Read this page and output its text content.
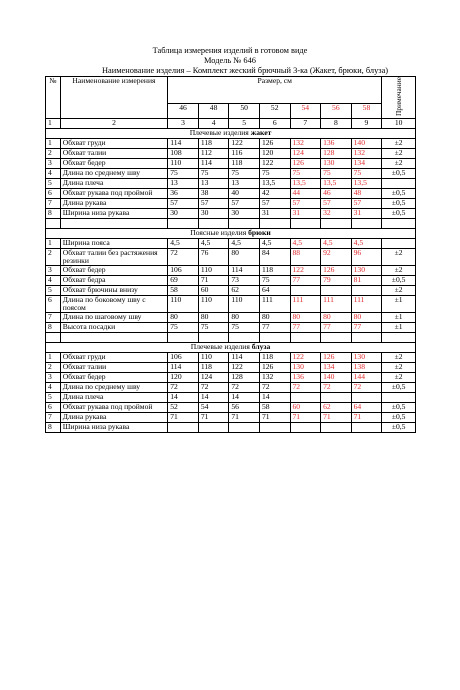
Таблица измерения изделий в готовом виде
Модель № 646
Наименование изделия – Комплект жеский брючный 3-ка (Жакет, брюки, блуза)
№	Наименование измерения	Размер, см							Примечание
		46	48	50	52	54	56	58	
1	2	3	4	5	6	7	8	9	10
Плечевые изделия жакет									
1	Обхват груди	114	118	122	126	132	136	140	±2
2	Обхват талии	108	112	116	120	124	128	132	±2
3	Обхват бедер	110	114	118	122	126	130	134	±2
4	Длина по среднему шву	75	75	75	75	75	75	75	±0,5
5	Длина плеча	13	13	13	13,5	13,5	13,5	13,5	
6	Обхват рукава под проймой	36	38	40	42	44	46	48	±0,5
7	Длина рукава	57	57	57	57	57	57	57	±0,5
8	Ширина низа рукава	30	30	30	31	31	32	31	±0,5

Поясные изделия брюки									
1	Ширина пояса	4,5	4,5	4,5	4,5	4,5	4,5	4,5	
2	Обхват талии без растяжения резинки	72	76	80	84	88	92	96	±2
3	Обхват бедер	106	110	114	118	122	126	130	±2
4	Обхват бедра	69	71	73	75	77	79	81	±0,5
5	Обхват брючины внизу	58	60	62	64				±2
6	Длина по боковому шву с поясом	110	110	110	111	111	111	111	±1
7	Длина по шаговому шву	80	80	80	80	80	80	80	±1
8	Высота посадки	75	75	75	77	77	77	77	±1

Плечевые изделия блуза									
1	Обхват груди	106	110	114	118	122	126	130	±2
2	Обхват талии	114	118	122	126	130	134	138	±2
3	Обхват бедер	120	124	128	132	136	140	144	±2
4	Длина по среднему шву	72	72	72	72	72	72	72	±0,5
5	Длина плеча	14	14	14	14				
6	Обхват рукава под проймой	52	54	56	58	60	62	64	±0,5
7	Длина рукава	71	71	71	71	71	71	71	±0,5
8	Ширина низа рукава								±0,5
